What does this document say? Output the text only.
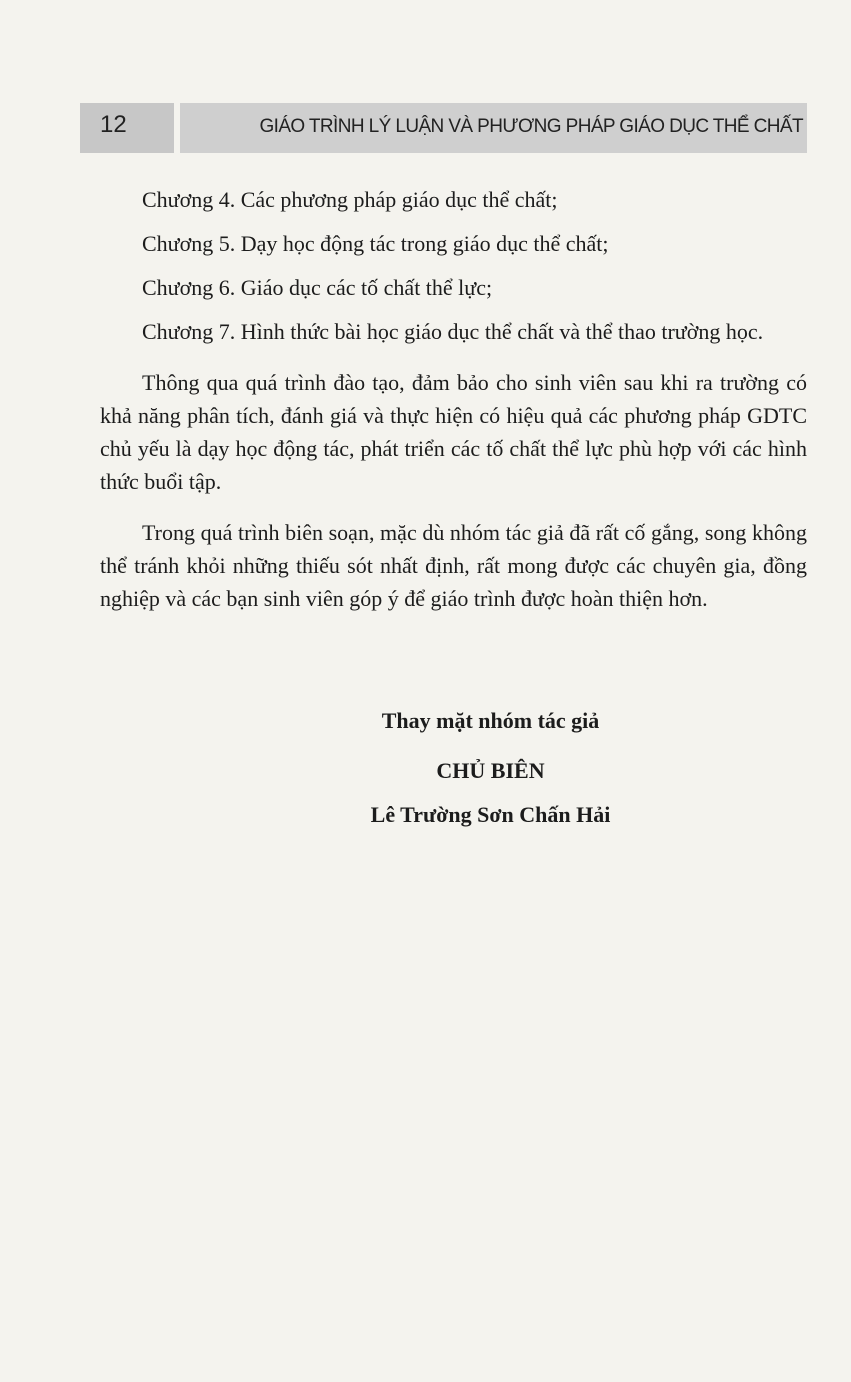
12	GIÁO TRÌNH LÝ LUẬN VÀ PHƯƠNG PHÁP GIÁO DỤC THỂ CHẤT

Chương 4. Các phương pháp giáo dục thể chất;

Chương 5. Dạy học động tác trong giáo dục thể chất;

Chương 6. Giáo dục các tố chất thể lực;

Chương 7. Hình thức bài học giáo dục thể chất và thể thao trường học.

Thông qua quá trình đào tạo, đảm bảo cho sinh viên sau khi ra trường có khả năng phân tích, đánh giá và thực hiện có hiệu quả các phương pháp GDTC chủ yếu là dạy học động tác, phát triển các tố chất thể lực phù hợp với các hình thức buổi tập.

Trong quá trình biên soạn, mặc dù nhóm tác giả đã rất cố gắng, song không thể tránh khỏi những thiếu sót nhất định, rất mong được các chuyên gia, đồng nghiệp và các bạn sinh viên góp ý để giáo trình được hoàn thiện hơn.

Thay mặt nhóm tác giả
CHỦ BIÊN
Lê Trường Sơn Chấn Hải
